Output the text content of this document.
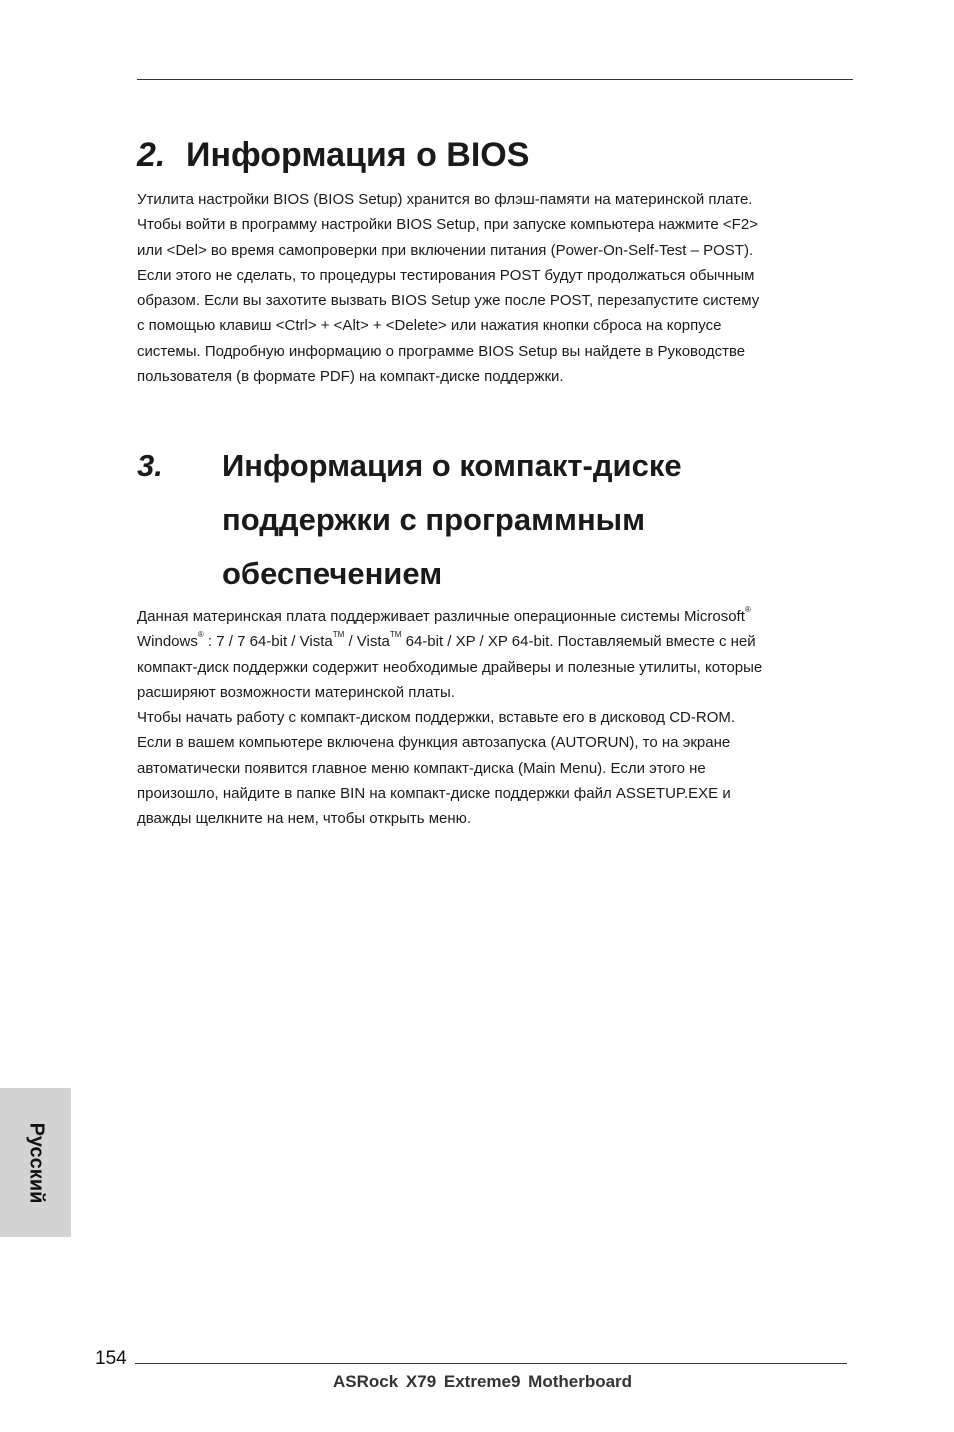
2. Информация о BIOS

Утилита настройки BIOS (BIOS Setup) хранится во флэш-памяти на материнской плате.
Чтобы войти в программу настройки BIOS Setup, при запуске компьютера нажмите <F2>
или <Del> во время самопроверки при включении питания (Power-On-Self-Test – POST).
Если этого не сделать, то процедуры тестирования POST будут продолжаться обычным
образом. Если вы захотите вызвать BIOS Setup уже после POST, перезапустите систему
с помощью клавиш <Ctrl> + <Alt> + <Delete> или нажатия кнопки сброса на корпусе
системы. Подробную информацию о программе BIOS Setup вы найдете в Руководстве
пользователя (в формате PDF) на компакт-диске поддержки.

3. Информация о компакт-диске
поддержки с программным
обеспечением

Данная материнская плата поддерживает различные операционные системы Microsoft®
Windows® : 7 / 7 64-bit / Vista™ / Vista™ 64-bit / XP / XP 64-bit. Поставляемый вместе с ней
компакт-диск поддержки содержит необходимые драйверы и полезные утилиты, которые
расширяют возможности материнской платы.
Чтобы начать работу с компакт-диском поддержки, вставьте его в дисковод CD-ROM.
Если в вашем компьютере включена функция автозапуска (AUTORUN), то на экране
автоматически появится главное меню компакт-диска (Main Menu). Если этого не
произошло, найдите в папке BIN на компакт-диске поддержки файл ASSETUP.EXE и
дважды щелкните на нем, чтобы открыть меню.

Русский
154
ASRock X79 Extreme9 Motherboard
